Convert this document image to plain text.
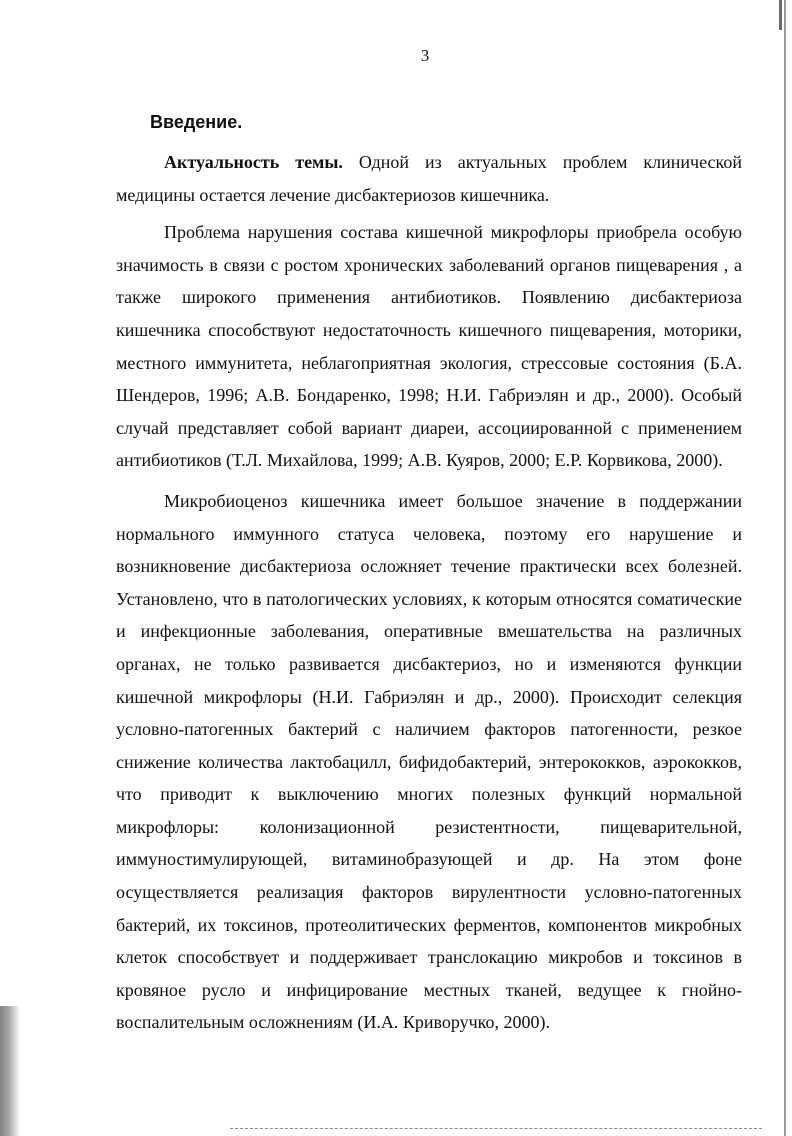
3
Введение.

Актуальность темы. Одной из актуальных проблем клинической медицины остается лечение дисбактериозов кишечника.

Проблема нарушения состава кишечной микрофлоры приобрела особую значимость в связи с ростом хронических заболеваний органов пищеварения , а также широкого применения антибиотиков. Появлению дисбактериоза кишечника способствуют недостаточность кишечного пищеварения, моторики, местного иммунитета, неблагоприятная экология, стрессовые состояния (Б.А. Шендеров, 1996; А.В. Бондаренко, 1998; Н.И. Габриэлян и др., 2000). Особый случай представляет собой вариант диареи, ассоциированной с применением антибиотиков (Т.Л. Михайлова, 1999; А.В. Куяров, 2000; Е.Р. Корвикова, 2000).

Микробиоценоз кишечника имеет большое значение в поддержании нормального иммунного статуса человека, поэтому его нарушение и возникновение дисбактериоза осложняет течение практически всех болезней. Установлено, что в патологических условиях, к которым относятся соматические и инфекционные заболевания, оперативные вмешательства на различных органах, не только развивается дисбактериоз, но и изменяются функции кишечной микрофлоры (Н.И. Габриэлян и др., 2000). Происходит селекция условно-патогенных бактерий с наличием факторов патогенности, резкое снижение количества лактобацилл, бифидобактерий, энтерококков, аэрококков, что приводит к выключению многих полезных функций нормальной микрофлоры: колонизационной резистентности, пищеварительной, иммуностимулирующей, витаминобразующей и др. На этом фоне осуществляется реализация факторов вирулентности условно-патогенных бактерий, их токсинов, протеолитических ферментов, компонентов микробных клеток способствует и поддерживает транслокацию микробов и токсинов в кровяное русло и инфицирование местных тканей, ведущее к гнойно-воспалительным осложнениям (И.А. Криворучко, 2000).
